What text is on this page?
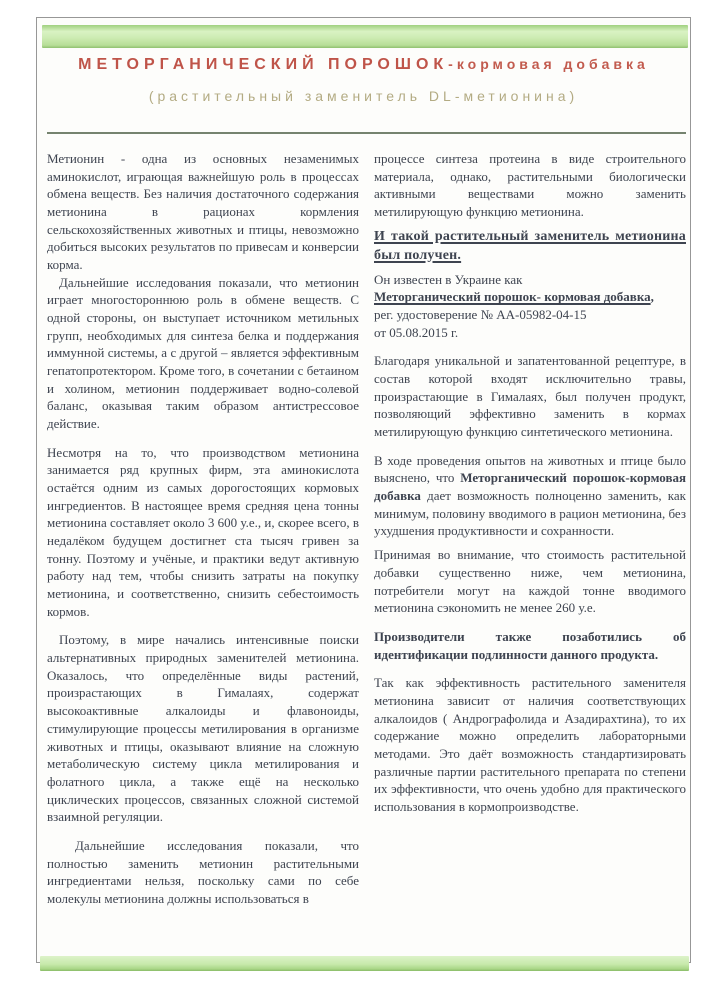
МЕТОРГАНИЧЕСКИЙ ПОРОШОК-кормовая добавка
(растительный заменитель DL-метионина)

Метионин - одна из основных незаменимых аминокислот, играющая важнейшую роль в процессах обмена веществ. Без наличия достаточного содержания метионина в рационах кормления сельскохозяйственных животных и птицы, невозможно добиться высоких результатов по привесам и конверсии корма.

Дальнейшие исследования показали, что метионин играет многостороннюю роль в обмене веществ. С одной стороны, он выступает источником метильных групп, необходимых для синтеза белка и поддержания иммунной системы, а с другой – является эффективным гепатопротектором. Кроме того, в сочетании с бетаином и холином, метионин поддерживает водно-солевой баланс, оказывая таким образом антистрессовое действие.

Несмотря на то, что производством метионина занимается ряд крупных фирм, эта аминокислота остаётся одним из самых дорогостоящих кормовых ингредиентов. В настоящее время средняя цена тонны метионина составляет около 3 600 у.е., и, скорее всего, в недалёком будущем достигнет ста тысяч гривен за тонну. Поэтому и учёные, и практики ведут активную работу над тем, чтобы снизить затраты на покупку метионина, и соответственно, снизить себестоимость кормов.

Поэтому, в мире начались интенсивные поиски альтернативных природных заменителей метионина. Оказалось, что определённые виды растений, произрастающих в Гималаях, содержат высокоактивные алкалоиды и флавоноиды, стимулирующие процессы метилирования в организме животных и птицы, оказывают влияние на сложную метаболическую систему цикла метилирования и фолатного цикла, а также ещё на несколько циклических процессов, связанных сложной системой взаимной регуляции.

Дальнейшие исследования показали, что полностью заменить метионин растительными ингредиентами нельзя, поскольку сами по себе молекулы метионина должны использоваться в

процессе синтеза протеина в виде строительного материала, однако, растительными биологически активными веществами можно заменить метилирующую функцию метионина.

И такой растительный заменитель метионина был получен.

Он известен в Украине как
Меторганический порошок- кормовая добавка,
рег. удостоверение № АА-05982-04-15
от 05.08.2015 г.

Благодаря уникальной и запатентованной рецептуре, в состав которой входят исключительно травы, произрастающие в Гималаях, был получен продукт, позволяющий эффективно заменить в кормах метилирующую функцию синтетического метионина.

В ходе проведения опытов на животных и птице было выяснено, что Меторганический порошок-кормовая добавка дает возможность полноценно заменить, как минимум, половину вводимого в рацион метионина, без ухудшения продуктивности и сохранности.

Принимая во внимание, что стоимость растительной добавки существенно ниже, чем метионина, потребители могут на каждой тонне вводимого метионина сэкономить не менее 260 у.е.

Производители также позаботились об идентификации подлинности данного продукта.

Так как эффективность растительного заменителя метионина зависит от наличия соответствующих алкалоидов ( Андрографолида и Азадирахтина), то их содержание можно определить лабораторными методами. Это даёт возможность стандартизировать различные партии растительного препарата по степени их эффективности, что очень удобно для практического использования в кормопроизводстве.
